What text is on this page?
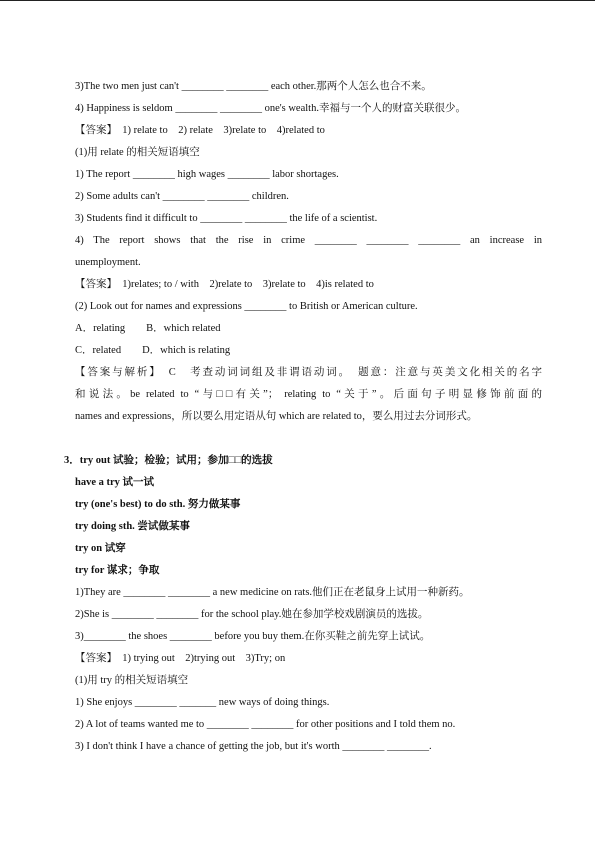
3)The two men just can't ________ ________ each other.那两个人怎么也合不来。
4) Happiness is seldom ________ ________ one's wealth.幸福与一个人的财富关联很少。
【答案】　1) relate to　2) relate　3)relate to　4)related to
(1)用 relate 的相关短语填空
1) The report ________ high wages ________ labor shortages.
2) Some adults can't ________ ________ children.
3) Students find it difficult to ________ ________ the life of a scientist.
4) The report shows that the rise in crime ________ ________ ________ an increase in
unemployment.
【答案】　1)relates; to / with　2)relate to　3)relate to　4)is related to
(2) Look out for names and expressions ________ to British or American culture.
A．relating　　B．which related
C．related　　D．which is relating
【答案与解析】　C　考查动词词组及非谓语动词。　题意：注意与英美文化相关的名字
和说法。be related to “与□□有关”； relating to “关于”。后面句子明显修饰前面的
names and expressions，所以要么用定语从句 which are related to，要么用过去分词形式。
3．try out 试验；检验；试用；参加□□的选拔
have a try 试一试
try (one's best) to do sth. 努力做某事
try doing sth. 尝试做某事
try on 试穿
try for 谋求；争取
1)They are ________ ________ a new medicine on rats.他们正在老鼠身上试用一种新药。
2)She is ________ ________ for the school play.她在参加学校戏剧演员的选拔。
3)________ the shoes ________ before you buy them.在你买鞋之前先穿上试试。
【答案】　1) trying out　2)trying out　3)Try; on
(1)用 try 的相关短语填空
1) She enjoys ________ _______ new ways of doing things.
2) A lot of teams wanted me to ________ ________ for other positions and I told them no.
3) I don't think I have a chance of getting the job, but it's worth ________ ________.
